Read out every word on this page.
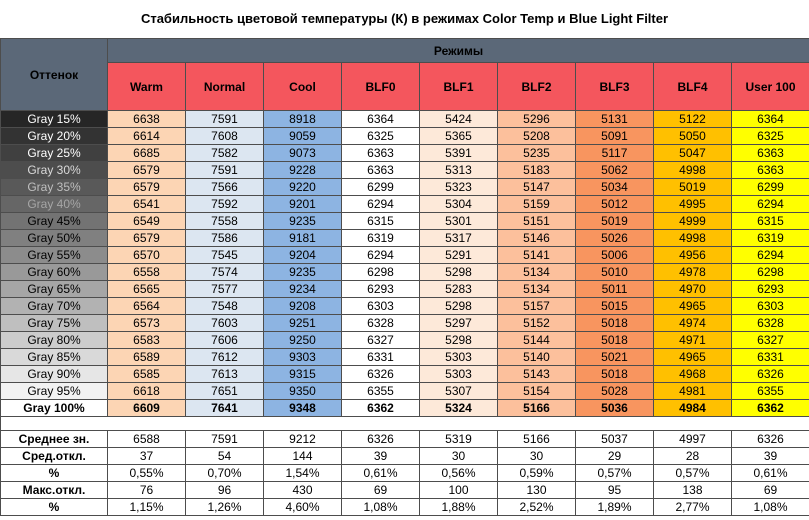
Стабильность цветовой температуры (К) в режимах Color Temp и Blue Light Filter
Оттенок	Режимы								
	Warm	Normal	Cool	BLF0	BLF1	BLF2	BLF3	BLF4	User 100
Gray 15%	6638	7591	8918	6364	5424	5296	5131	5122	6364
Gray 20%	6614	7608	9059	6325	5365	5208	5091	5050	6325
Gray 25%	6685	7582	9073	6363	5391	5235	5117	5047	6363
Gray 30%	6579	7591	9228	6363	5313	5183	5062	4998	6363
Gray 35%	6579	7566	9220	6299	5323	5147	5034	5019	6299
Gray 40%	6541	7592	9201	6294	5304	5159	5012	4995	6294
Gray 45%	6549	7558	9235	6315	5301	5151	5019	4999	6315
Gray 50%	6579	7586	9181	6319	5317	5146	5026	4998	6319
Gray 55%	6570	7545	9204	6294	5291	5141	5006	4956	6294
Gray 60%	6558	7574	9235	6298	5298	5134	5010	4978	6298
Gray 65%	6565	7577	9234	6293	5283	5134	5011	4970	6293
Gray 70%	6564	7548	9208	6303	5298	5157	5015	4965	6303
Gray 75%	6573	7603	9251	6328	5297	5152	5018	4974	6328
Gray 80%	6583	7606	9250	6327	5298	5144	5018	4971	6327
Gray 85%	6589	7612	9303	6331	5303	5140	5021	4965	6331
Gray 90%	6585	7613	9315	6326	5303	5143	5018	4968	6326
Gray 95%	6618	7651	9350	6355	5307	5154	5028	4981	6355
Gray 100%	6609	7641	9348	6362	5324	5166	5036	4984	6362

Среднее зн.	6588	7591	9212	6326	5319	5166	5037	4997	6326
Сред.откл.	37	54	144	39	30	30	29	28	39
%	0,55%	0,70%	1,54%	0,61%	0,56%	0,59%	0,57%	0,57%	0,61%
Макс.откл.	76	96	430	69	100	130	95	138	69
%	1,15%	1,26%	4,60%	1,08%	1,88%	2,52%	1,89%	2,77%	1,08%
